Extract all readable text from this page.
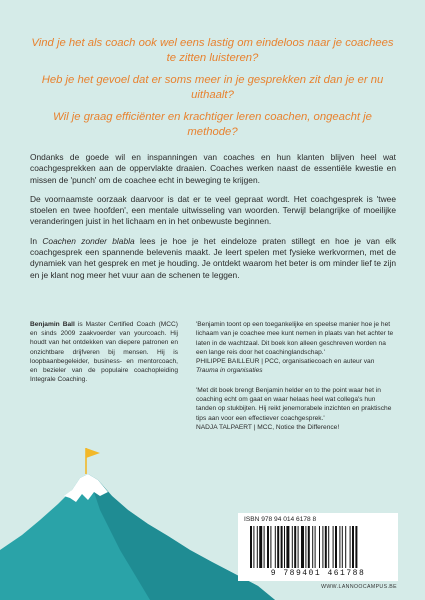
Vind je het als coach ook wel eens lastig om eindeloos naar je coachees te zitten luisteren?

Heb je het gevoel dat er soms meer in je gesprekken zit dan je er nu uithaalt?

Wil je graag efficiënter en krachtiger leren coachen, ongeacht je methode?

Ondanks de goede wil en inspanningen van coaches en hun klanten blijven heel wat coachgesprekken aan de oppervlakte draaien. Coaches werken naast de essentiële kwestie en missen de 'punch' om de coachee echt in beweging te krijgen.

De voornaamste oorzaak daarvoor is dat er te veel gepraat wordt. Het coachgesprek is 'twee stoelen en twee hoofden', een mentale uitwisseling van woorden. Terwijl belangrijke of moeilijke veranderingen juist in het lichaam en in het onbewuste beginnen.

In Coachen zonder blabla lees je hoe je het eindeloze praten stillegt en hoe je van elk coachgesprek een spannende belevenis maakt. Je leert spelen met fysieke werkvormen, met de dynamiek van het gesprek en met je houding. Je ontdekt waarom het beter is om minder lief te zijn en je klant nog meer het vuur aan de schenen te leggen.

Benjamin Ball is Master Certified Coach (MCC) en sinds 2009 zaakvoerder van yourcoach. Hij houdt van het ontdekken van diepere patronen en onzichtbare drijfveren bij mensen. Hij is loopbaanbegeleider, business- en mentorcoach, en bezieler van de populaire coachopleiding Integrale Coaching.

'Benjamin toont op een toegankelijke en speelse manier hoe je het lichaam van je coachee mee kunt nemen in plaats van het achter te laten in de wachtzaal. Dit boek kon alleen geschreven worden na een lange reis door het coachinglandschap.'

PHILIPPE BAILLEUR | PCC, organisatiecoach en auteur van Trauma in organisaties

'Met dit boek brengt Benjamin helder en to the point waar het in coaching echt om gaat en waar helaas heel wat collega's hun tanden op stukbijten. Hij reikt jenemorabele inzichten en praktische tips aan voor een effectiever coachgesprek.'

NADJA TALPAERT | MCC, Notice the Difference!

ISBN 978 94 014 6178 8
9 789401 461788
WWW.LANNOOCAMPUS.BE
